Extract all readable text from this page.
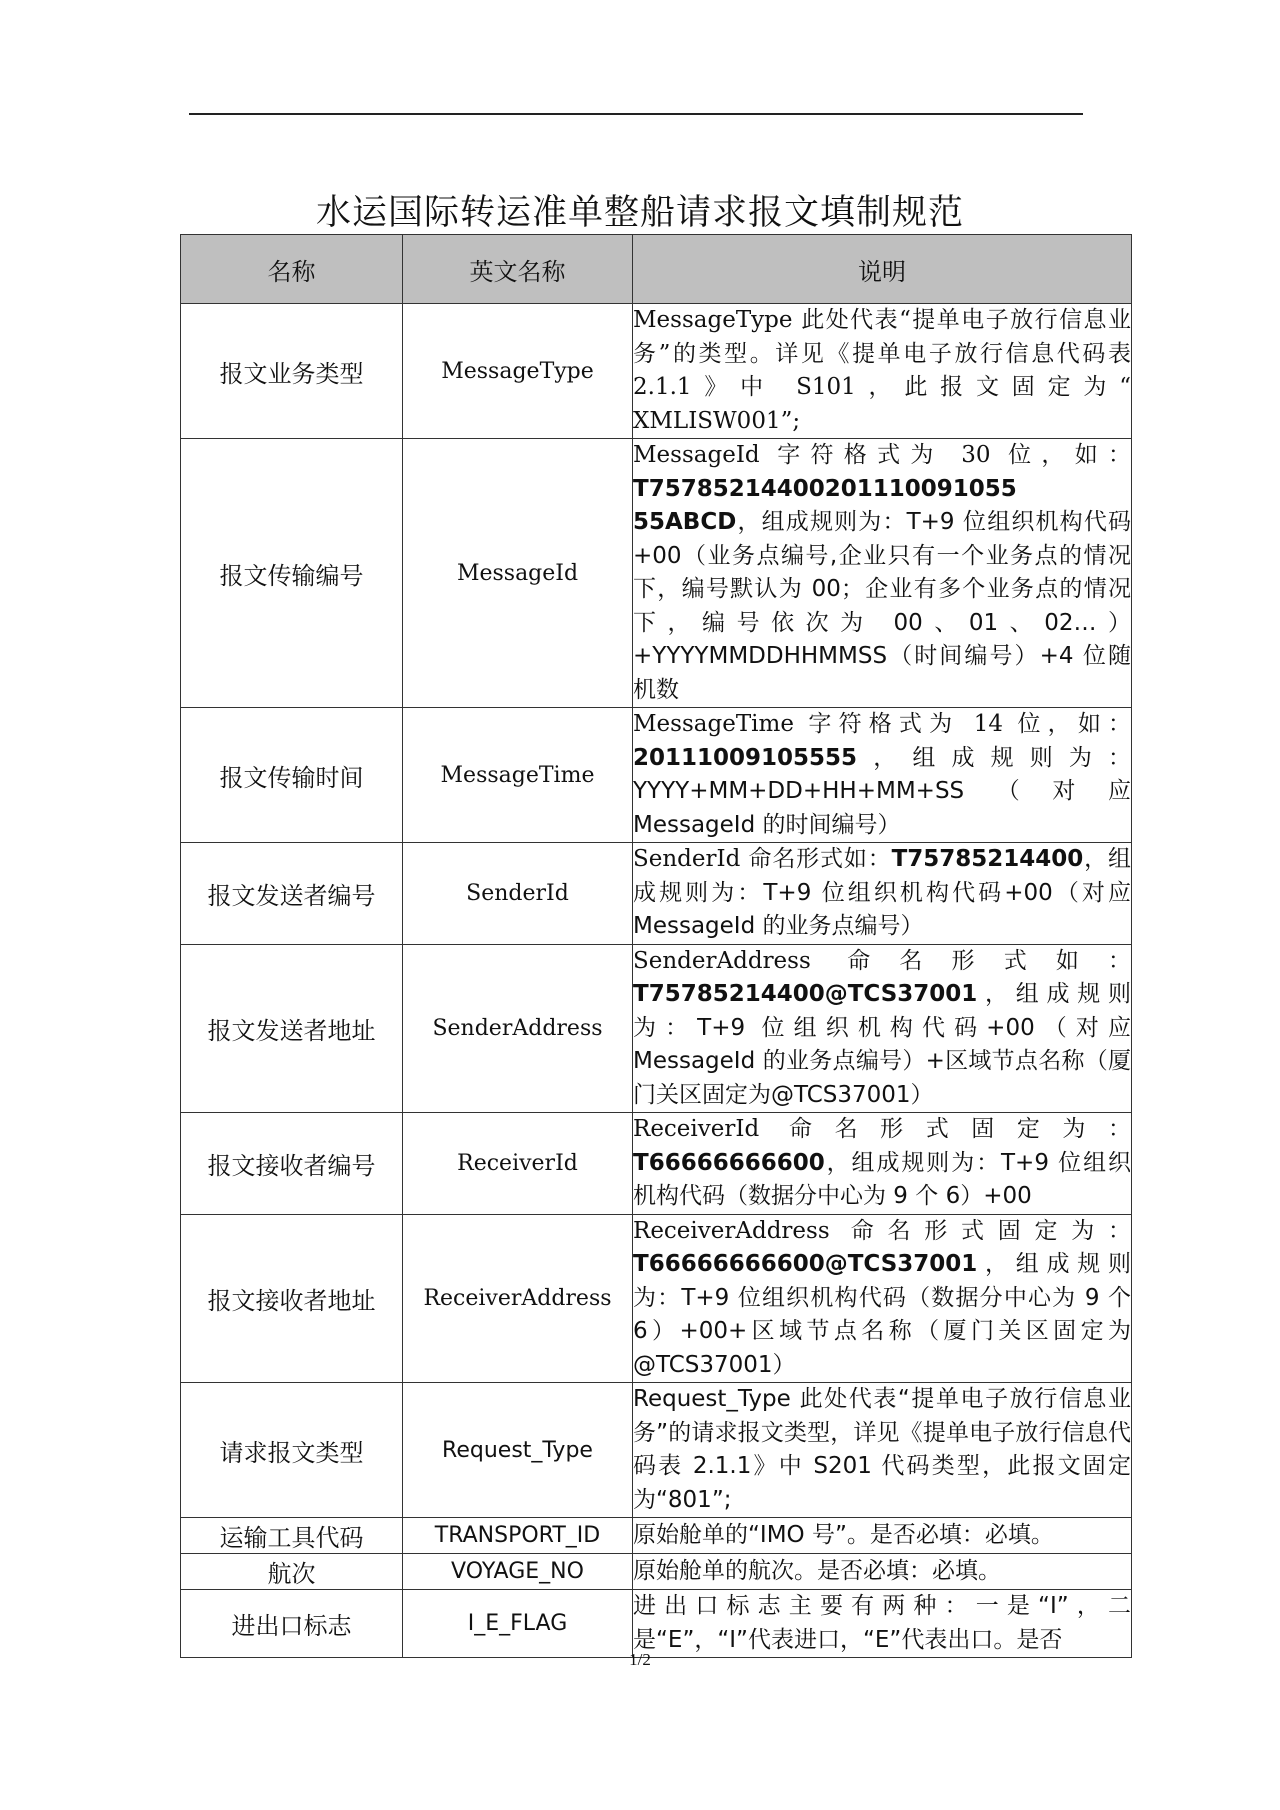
水运国际转运准单整船请求报文填制规范
名称	英文名称	说明
报文业务类型	MessageType	MessageType 此处代表“提单电子放行信息业务”的类型。详见《提单电子放行信息代码表 2.1.1》中 S101，此报文固定为“ XMLISW001”;
报文传输编号	MessageId	MessageId 字符格式为 30 位，如：T75785214400201110091055 55ABCD，组成规则为：T+9 位组织机构代码+00（业务点编号,企业只有一个业务点的情况下，编号默认为 00；企业有多个业务点的情况下，编号依次为 00、01、02…）+YYYYMMDDHHMMSS（时间编号）+4 位随机数
报文传输时间	MessageTime	MessageTime 字符格式为 14 位，如：20111009105555，组成规则为：YYYY+MM+DD+HH+MM+SS（对应 MessageId 的时间编号）
报文发送者编号	SenderId	SenderId 命名形式如：T75785214400，组成规则为：T+9 位组织机构代码+00（对应 MessageId 的业务点编号）
报文发送者地址	SenderAddress	SenderAddress 命名形式如：T75785214400@TCS37001，组成规则为：T+9 位组织机构代码+00（对应 MessageId 的业务点编号）+区域节点名称（厦门关区固定为@TCS37001）
报文接收者编号	ReceiverId	ReceiverId 命名形式固定为：T66666666600，组成规则为：T+9 位组织机构代码（数据分中心为 9 个 6）+00
报文接收者地址	ReceiverAddress	ReceiverAddress 命名形式固定为：T66666666600@TCS37001，组成规则为：T+9 位组织机构代码（数据分中心为 9 个 6）+00+区域节点名称（厦门关区固定为@TCS37001）
请求报文类型	Request_Type	Request_Type 此处代表“提单电子放行信息业务”的请求报文类型，详见《提单电子放行信息代码表 2.1.1》中 S201 代码类型，此报文固定为“801”;
运输工具代码	TRANSPORT_ID	原始舱单的“IMO 号”。是否必填：必填。
航次	VOYAGE_NO	原始舱单的航次。是否必填：必填。
进出口标志	I_E_FLAG	进出口标志主要有两种：一是“I”，二是“E”，“I”代表进口，“E”代表出口。是否
1/2
